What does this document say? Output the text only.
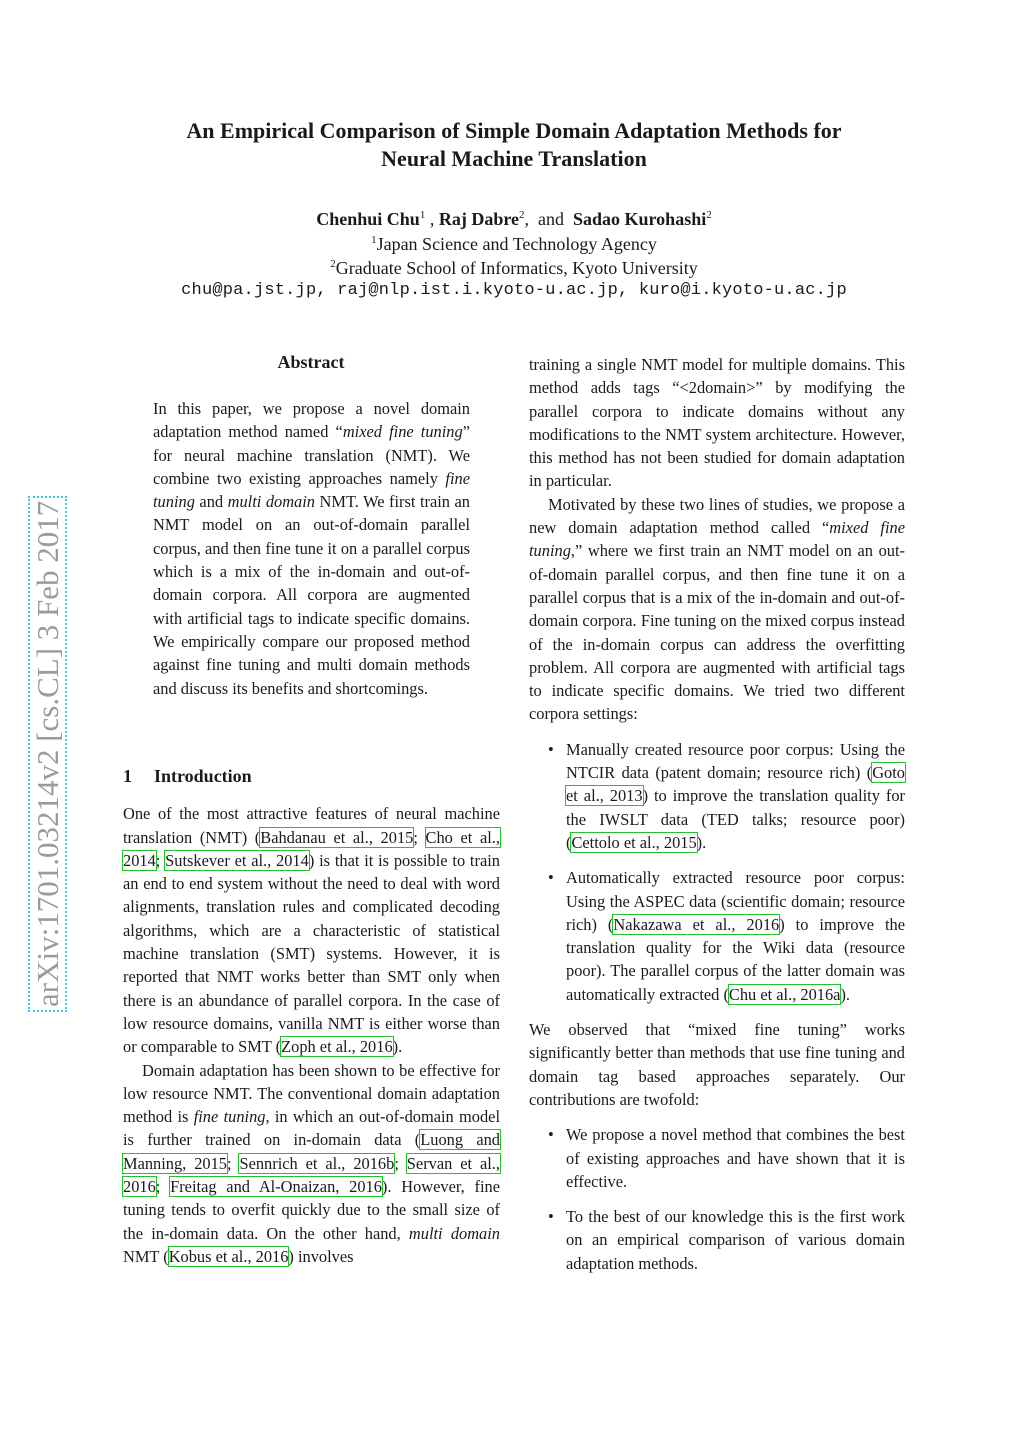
An Empirical Comparison of Simple Domain Adaptation Methods for
Neural Machine Translation
Chenhui Chu$^1$ , Raj Dabre$^2$,  and Sadao Kurohashi$^2$
$^1$Japan Science and Technology Agency
$^2$Graduate School of Informatics, Kyoto University
chu@pa.jst.jp, raj@nlp.ist.i.kyoto-u.ac.jp, kuro@i.kyoto-u.ac.jp
arXiv:1701.03214v2 [cs.CL] 3 Feb 2017
Abstract

In this paper, we propose a novel domain adaptation method named “mixed fine tuning” for neural machine translation (NMT). We combine two existing approaches namely fine tuning and multi domain NMT. We first train an NMT model on an out-of-domain parallel corpus, and then fine tune it on a parallel corpus which is a mix of the in-domain and out-of-domain corpora. All corpora are augmented with artificial tags to indicate specific domains. We empirically compare our proposed method against fine tuning and multi domain methods and discuss its benefits and shortcomings.

1 Introduction

One of the most attractive features of neural machine translation (NMT) (Bahdanau et al., 2015; Cho et al., 2014; Sutskever et al., 2014) is that it is possible to train an end to end system without the need to deal with word alignments, translation rules and complicated decoding algorithms, which are a characteristic of statistical machine translation (SMT) systems. However, it is reported that NMT works better than SMT only when there is an abundance of parallel corpora. In the case of low resource domains, vanilla NMT is either worse than or comparable to SMT (Zoph et al., 2016).

Domain adaptation has been shown to be effective for low resource NMT. The conventional domain adaptation method is fine tuning, in which an out-of-domain model is further trained on in-domain data (Luong and Manning, 2015; Sennrich et al., 2016b; Servan et al., 2016; Freitag and Al-Onaizan, 2016). However, fine tuning tends to overfit quickly due to the small size of the in-domain data. On the other hand, multi domain NMT (Kobus et al., 2016) involves

training a single NMT model for multiple domains. This method adds tags “<2domain>” by modifying the parallel corpora to indicate domains without any modifications to the NMT system architecture. However, this method has not been studied for domain adaptation in particular.

Motivated by these two lines of studies, we propose a new domain adaptation method called “mixed fine tuning,” where we first train an NMT model on an out-of-domain parallel corpus, and then fine tune it on a parallel corpus that is a mix of the in-domain and out-of-domain corpora. Fine tuning on the mixed corpus instead of the in-domain corpus can address the overfitting problem. All corpora are augmented with artificial tags to indicate specific domains. We tried two different corpora settings:

• Manually created resource poor corpus: Using the NTCIR data (patent domain; resource rich) (Goto et al., 2013) to improve the translation quality for the IWSLT data (TED talks; resource poor) (Cettolo et al., 2015).
• Automatically extracted resource poor corpus: Using the ASPEC data (scientific domain; resource rich) (Nakazawa et al., 2016) to improve the translation quality for the Wiki data (resource poor). The parallel corpus of the latter domain was automatically extracted (Chu et al., 2016a).

We observed that “mixed fine tuning” works significantly better than methods that use fine tuning and domain tag based approaches separately. Our contributions are twofold:

• We propose a novel method that combines the best of existing approaches and have shown that it is effective.
• To the best of our knowledge this is the first work on an empirical comparison of various domain adaptation methods.
